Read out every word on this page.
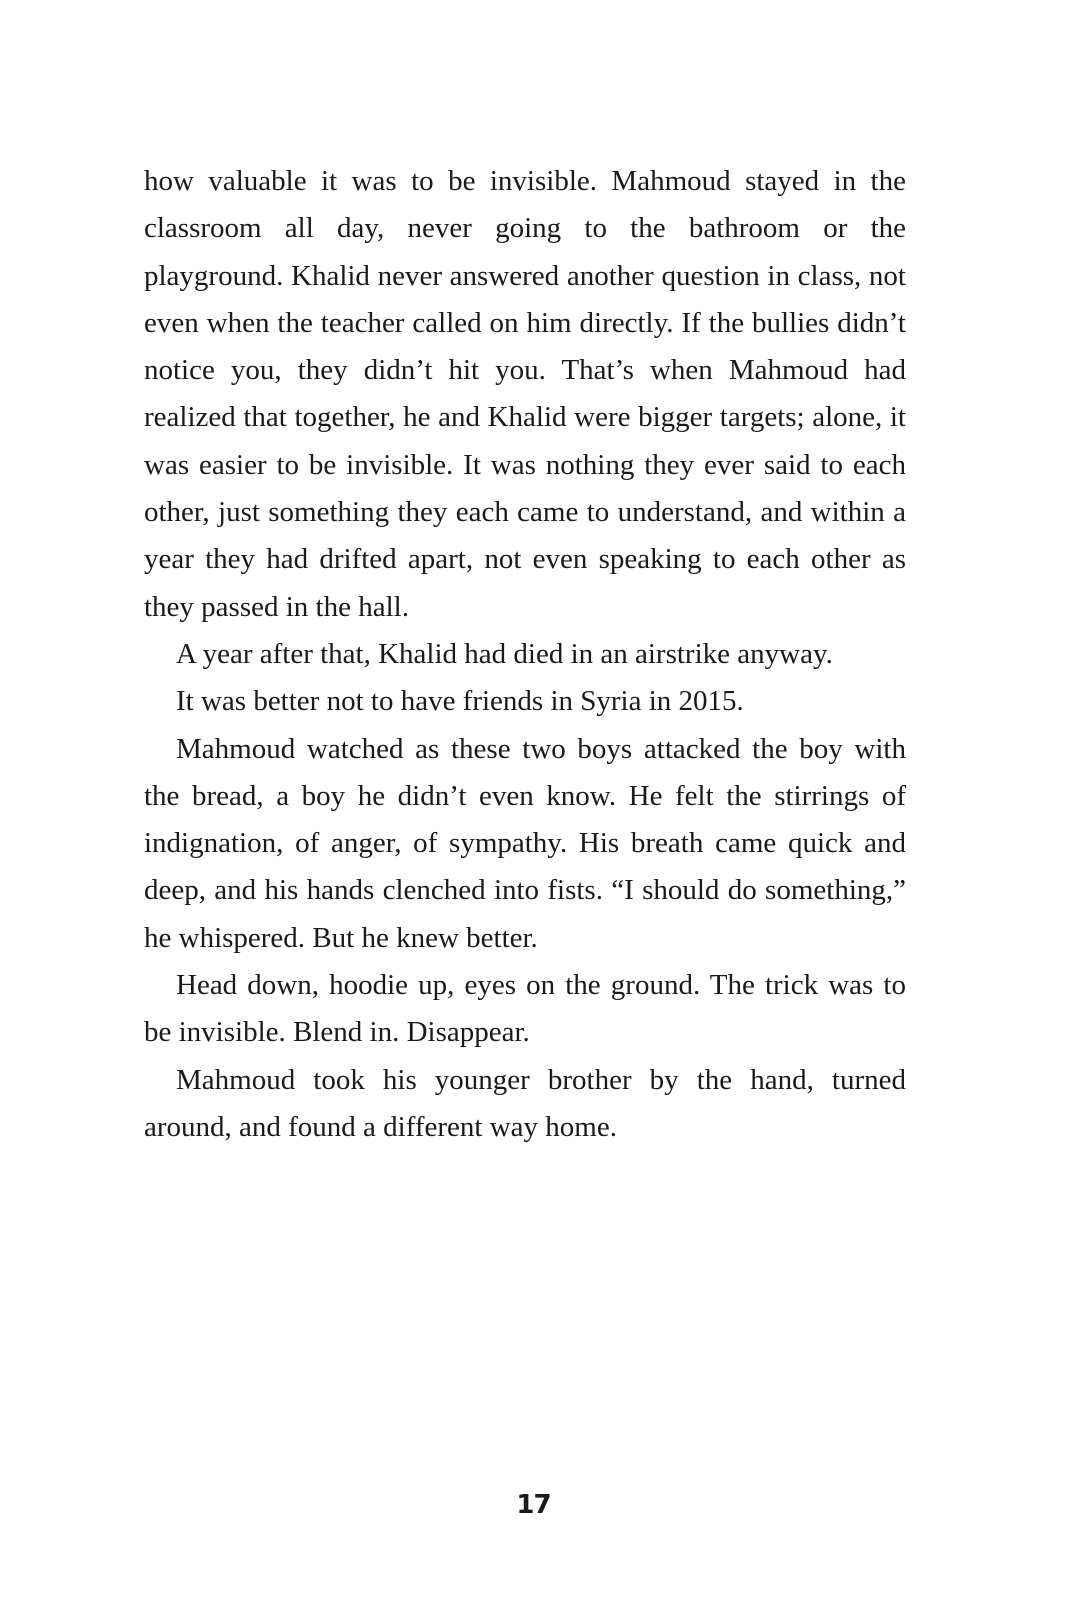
how valuable it was to be invisible. Mahmoud stayed in the classroom all day, never going to the bathroom or the playground. Khalid never answered another question in class, not even when the teacher called on him directly. If the bullies didn’t notice you, they didn’t hit you. That’s when Mahmoud had realized that together, he and Khalid were bigger targets; alone, it was easier to be invisible. It was nothing they ever said to each other, just something they each came to understand, and within a year they had drifted apart, not even speaking to each other as they passed in the hall.

A year after that, Khalid had died in an airstrike anyway.

It was better not to have friends in Syria in 2015.

Mahmoud watched as these two boys attacked the boy with the bread, a boy he didn’t even know. He felt the stirrings of indignation, of anger, of sympathy. His breath came quick and deep, and his hands clenched into fists. “I should do something,” he whispered. But he knew better.

Head down, hoodie up, eyes on the ground. The trick was to be invisible. Blend in. Disappear.

Mahmoud took his younger brother by the hand, turned around, and found a different way home.

17
